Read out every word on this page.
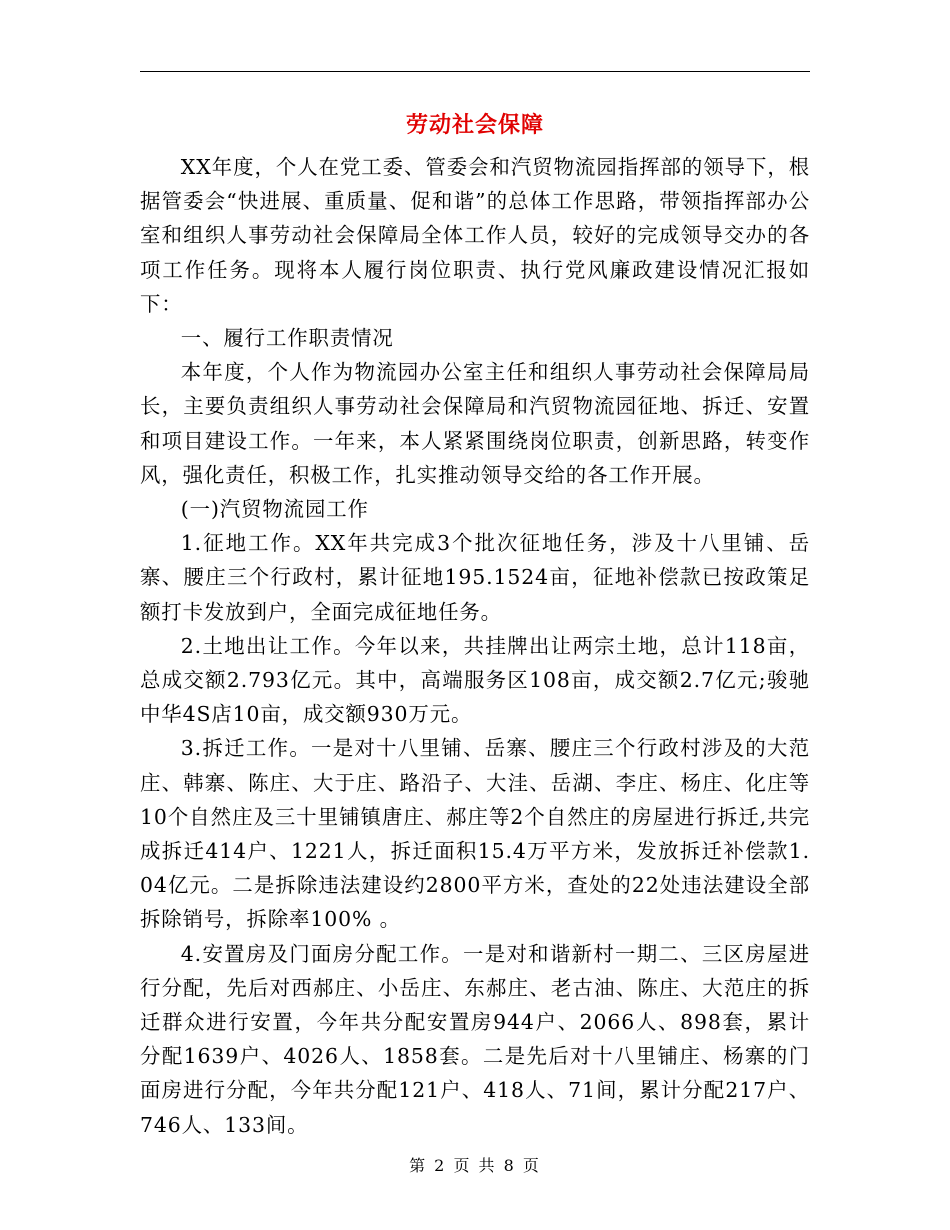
劳动社会保障

XX年度，个人在党工委、管委会和汽贸物流园指挥部的领导下，根据管委会“快进展、重质量、促和谐”的总体工作思路，带领指挥部办公室和组织人事劳动社会保障局全体工作人员，较好的完成领导交办的各项工作任务。现将本人履行岗位职责、执行党风廉政建设情况汇报如下：

一、履行工作职责情况

本年度，个人作为物流园办公室主任和组织人事劳动社会保障局局长，主要负责组织人事劳动社会保障局和汽贸物流园征地、拆迁、安置和项目建设工作。一年来，本人紧紧围绕岗位职责，创新思路，转变作风，强化责任，积极工作，扎实推动领导交给的各工作开展。

(一)汽贸物流园工作

1.征地工作。XX年共完成3个批次征地任务，涉及十八里铺、岳寨、腰庄三个行政村，累计征地195.1524亩，征地补偿款已按政策足额打卡发放到户，全面完成征地任务。

2.土地出让工作。今年以来，共挂牌出让两宗土地，总计118亩，总成交额2.793亿元。其中，高端服务区108亩，成交额2.7亿元;骏驰中华4S店10亩，成交额930万元。

3.拆迁工作。一是对十八里铺、岳寨、腰庄三个行政村涉及的大范庄、韩寨、陈庄、大于庄、路沿子、大洼、岳湖、李庄、杨庄、化庄等10个自然庄及三十里铺镇唐庄、郝庄等2个自然庄的房屋进行拆迁,共完成拆迁414户、1221人，拆迁面积15.4万平方米，发放拆迁补偿款1.04亿元。二是拆除违法建设约2800平方米，查处的22处违法建设全部拆除销号，拆除率100% 。

4.安置房及门面房分配工作。一是对和谐新村一期二、三区房屋进行分配，先后对西郝庄、小岳庄、东郝庄、老古油、陈庄、大范庄的拆迁群众进行安置，今年共分配安置房944户、2066人、898套，累计分配1639户、4026人、1858套。二是先后对十八里铺庄、杨寨的门面房进行分配，今年共分配121户、418人、71间，累计分配217户、746人、133间。

第 2 页 共 8 页
